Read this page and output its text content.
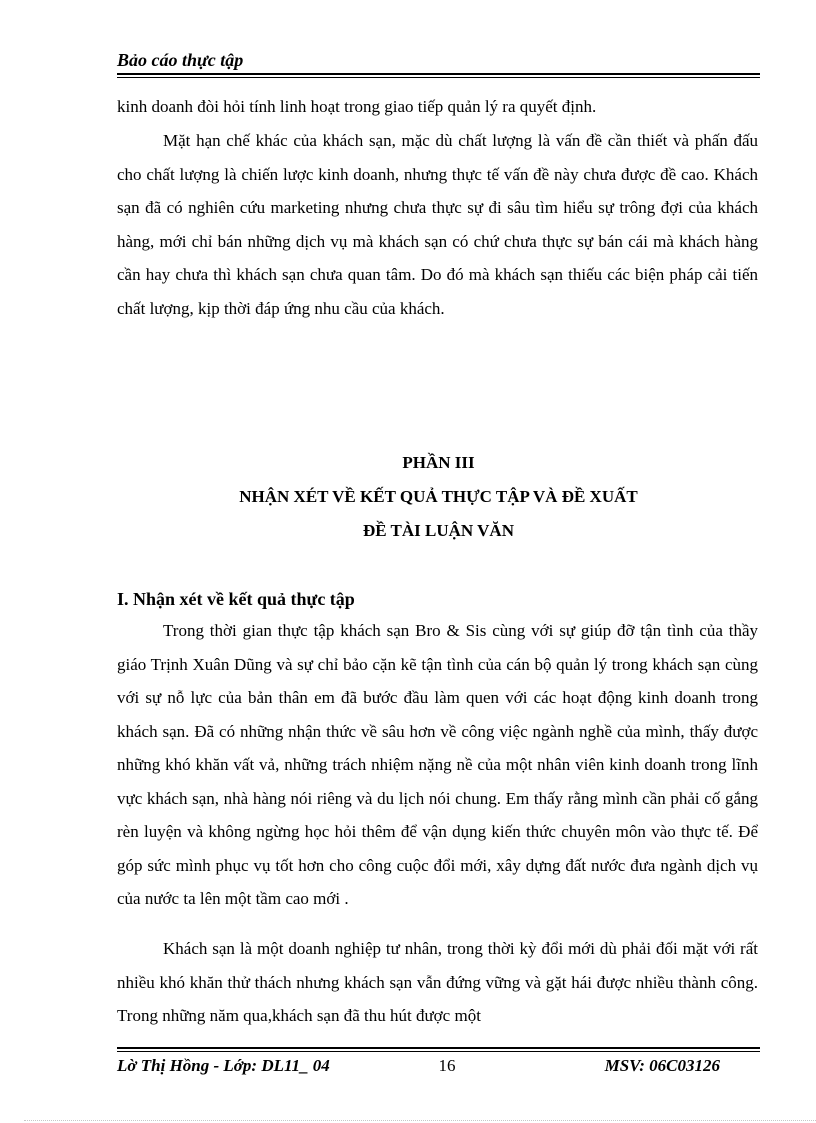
Bảo cáo thực tập

kinh doanh đòi hỏi tính linh hoạt trong giao tiếp quản lý ra quyết định.

Mặt hạn chế khác của khách sạn, mặc dù chất lượng là vấn đề cần thiết và phấn đấu cho chất lượng là chiến lược kinh doanh, nhưng thực tế vấn đề này chưa được đề cao. Khách sạn đã có nghiên cứu marketing nhưng chưa thực sự đi sâu tìm hiểu sự trông đợi của khách hàng, mới chỉ bán những dịch vụ mà khách sạn có chứ chưa thực sự bán cái mà khách hàng cần hay chưa thì khách sạn chưa quan tâm. Do đó mà khách sạn thiếu các biện pháp cải tiến chất lượng, kịp thời đáp ứng nhu cầu của khách.

PHẦN III
NHẬN XÉT VỀ KẾT QUẢ THỰC TẬP VÀ ĐỀ XUẤT
ĐỀ TÀI LUẬN VĂN
I. Nhận xét về kết quả thực tập

Trong thời gian thực tập khách sạn Bro & Sis cùng với sự giúp đỡ tận tình của thầy giáo Trịnh Xuân Dũng và sự chỉ bảo cặn kẽ tận tình của cán bộ quản lý trong khách sạn cùng với sự nỗ lực của bản thân em đã bước đầu làm quen với các hoạt động kinh doanh trong khách sạn. Đã có những nhận thức về sâu hơn về công việc ngành nghề của mình, thấy được những khó khăn vất vả, những trách nhiệm nặng nề của một nhân viên kinh doanh trong lĩnh vực khách sạn, nhà hàng nói riêng và du lịch nói chung. Em thấy rằng mình cần phải cố gắng rèn luyện và không ngừng học hỏi thêm để vận dụng kiến thức chuyên môn vào thực tế. Để góp sức mình phục vụ tốt hơn cho công cuộc đổi mới, xây dựng đất nước đưa ngành dịch vụ của nước ta lên một tầm cao mới .

Khách sạn là một doanh nghiệp tư nhân, trong thời kỳ đổi mới dù phải đối mặt với rất nhiều khó khăn thử thách nhưng khách sạn vẫn đứng vững và gặt hái được nhiều thành công. Trong những năm qua,khách sạn đã thu hút được một

Lờ Thị Hồng - Lớp: DL11_ 04	16	MSV: 06C03126
